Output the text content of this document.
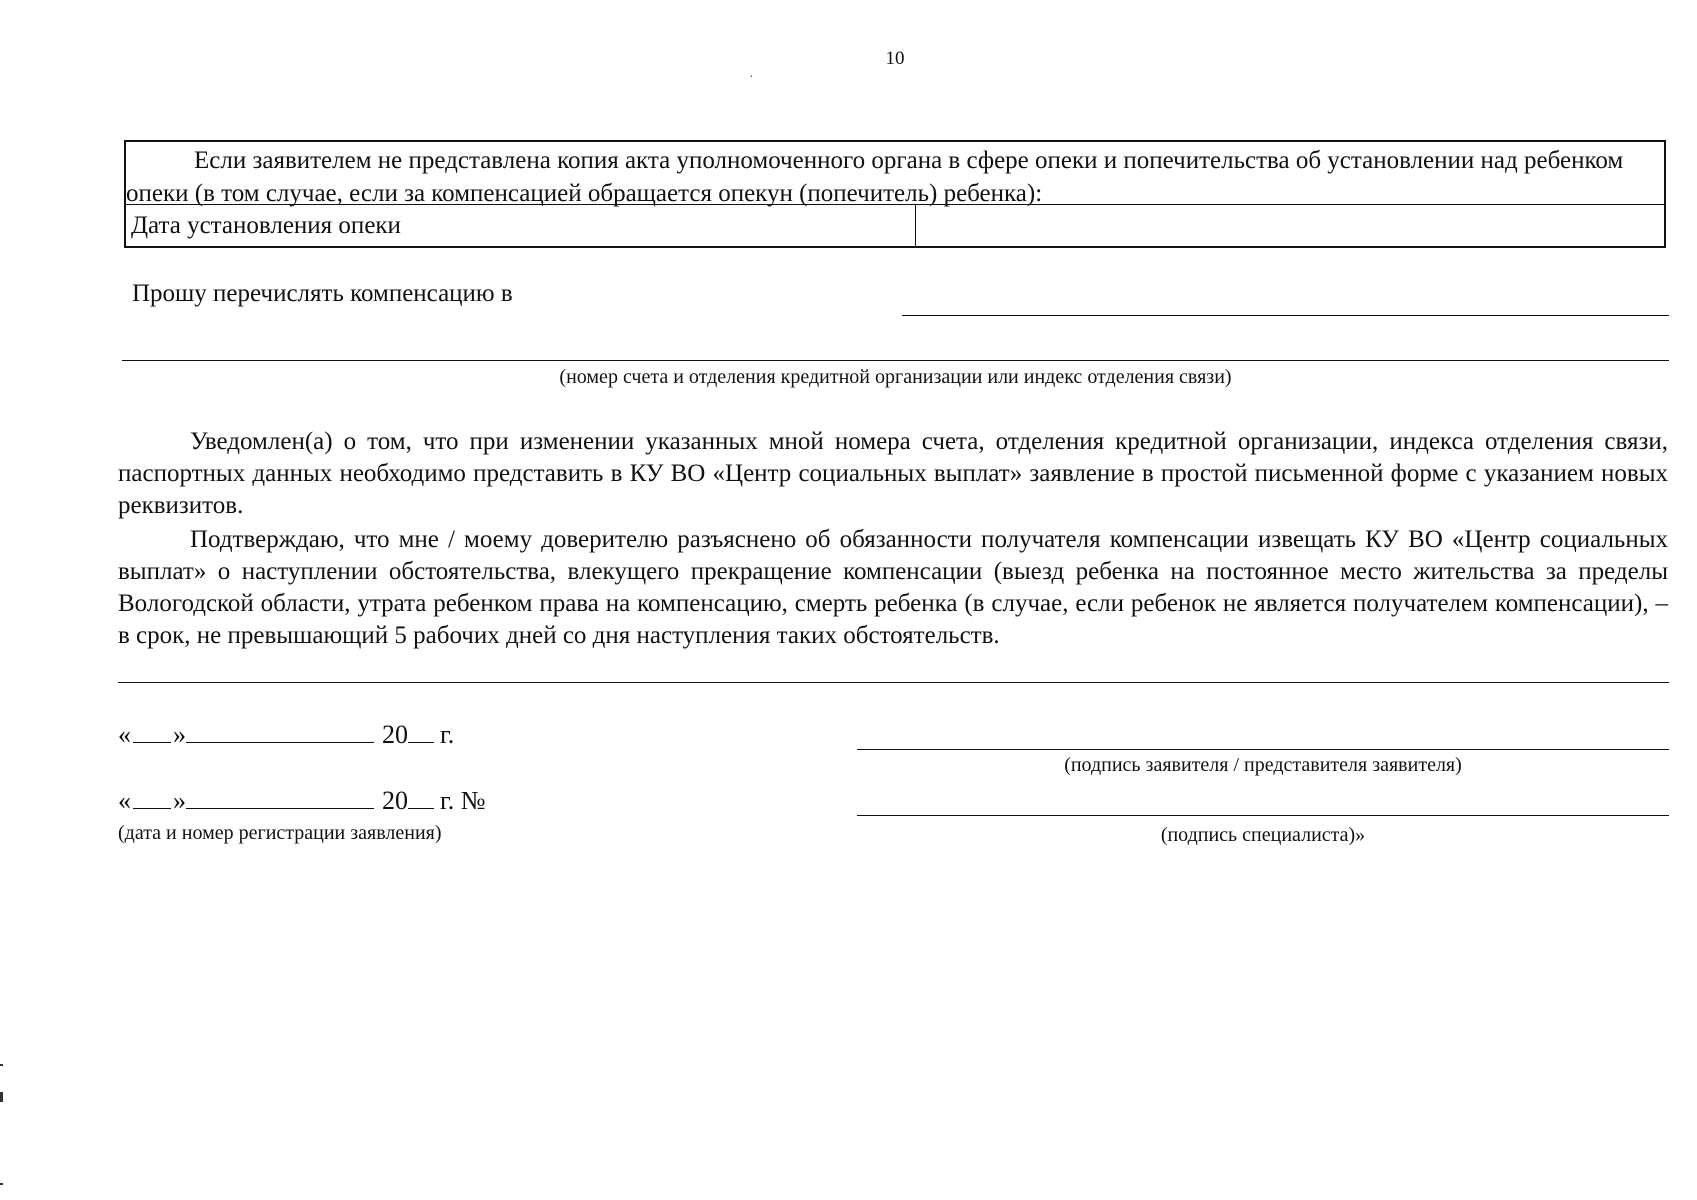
10
·
Если заявителем не представлена копия акта уполномоченного органа в сфере опеки и попечительства об установлении над ребенком опеки (в том случае, если за компенсацией обращается опекун (попечитель) ребенка):
Дата установления опеки
Прошу перечислять компенсацию в
(номер счета и отделения кредитной организации или индекс отделения связи)

Уведомлен(а) о том, что при изменении указанных мной номера счета, отделения кредитной организации, индекса отделения связи, паспортных данных необходимо представить в КУ ВО «Центр социальных выплат» заявление в простой письменной форме с указанием новых реквизитов.

Подтверждаю, что мне / моему доверителю разъяснено об обязанности получателя компенсации извещать КУ ВО «Центр социальных выплат» о наступлении обстоятельства, влекущего прекращение компенсации (выезд ребенка на постоянное место жительства за пределы Вологодской области, утрата ребенком права на компенсацию, смерть ребенка (в случае, если ребенок не является получателем компенсации), – в срок, не превышающий 5 рабочих дней со дня наступления таких обстоятельств.

« »	20 г.
(подпись заявителя / представителя заявителя)
« »	20 г. №
(дата и номер регистрации заявления)	(подпись специалиста)»
